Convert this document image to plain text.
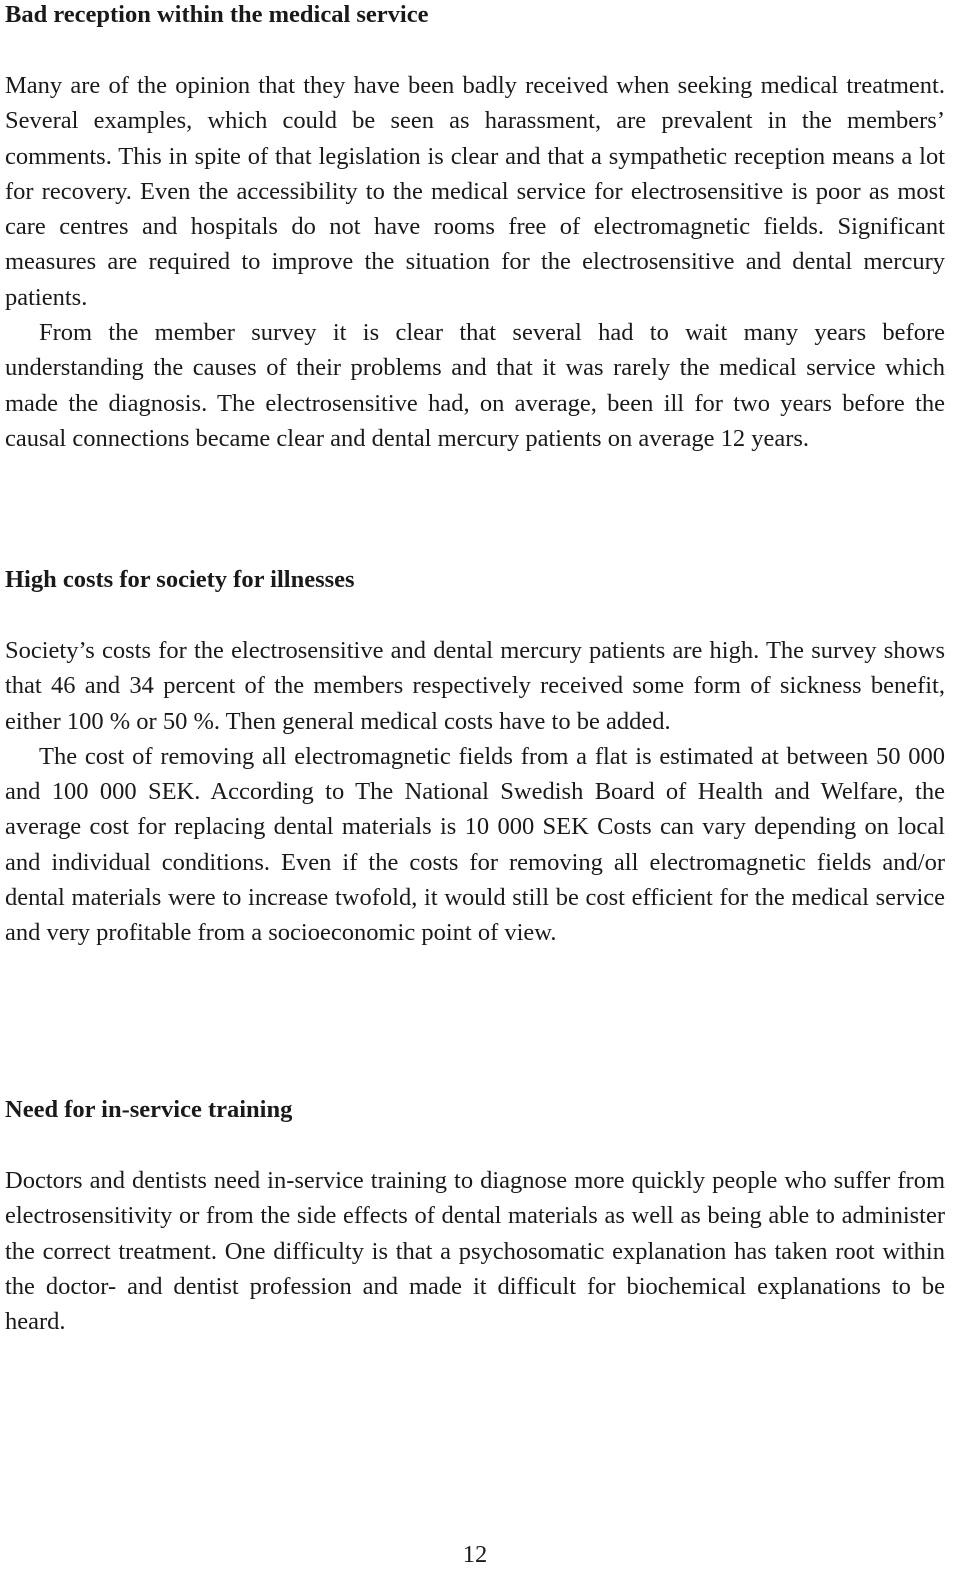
Bad reception within the medical service

Many are of the opinion that they have been badly received when seeking medical treatment. Several examples, which could be seen as harassment, are prevalent in the members’ comments. This in spite of that legislation is clear and that a sympathetic reception means a lot for recovery. Even the accessibility to the medical service for electrosensitive is poor as most care centres and hospitals do not have rooms free of electromagnetic fields. Significant measures are required to improve the situation for the electrosensitive and dental mercury patients.

From the member survey it is clear that several had to wait many years before understanding the causes of their problems and that it was rarely the medical service which made the diagnosis. The electrosensitive had, on average, been ill for two years before the causal connections became clear and dental mercury patients on average 12 years.

High costs for society for illnesses

Society’s costs for the electrosensitive and dental mercury patients are high. The survey shows that 46 and 34 percent of the members respectively received some form of sickness benefit, either 100 % or 50 %. Then general medical costs have to be added.

The cost of removing all electromagnetic fields from a flat is estimated at between 50 000 and 100 000 SEK. According to The National Swedish Board of Health and Welfare, the average cost for replacing dental materials is 10 000 SEK Costs can vary depending on local and individual conditions. Even if the costs for removing all electromagnetic fields and/or dental materials were to increase twofold, it would still be cost efficient for the medical service and very profitable from a socioeconomic point of view.

Need for in-service training

Doctors and dentists need in-service training to diagnose more quickly people who suffer from electrosensitivity or from the side effects of dental materials as well as being able to administer the correct treatment. One difficulty is that a psychosomatic explanation has taken root within the doctor- and dentist profession and made it difficult for biochemical explanations to be heard.

12
